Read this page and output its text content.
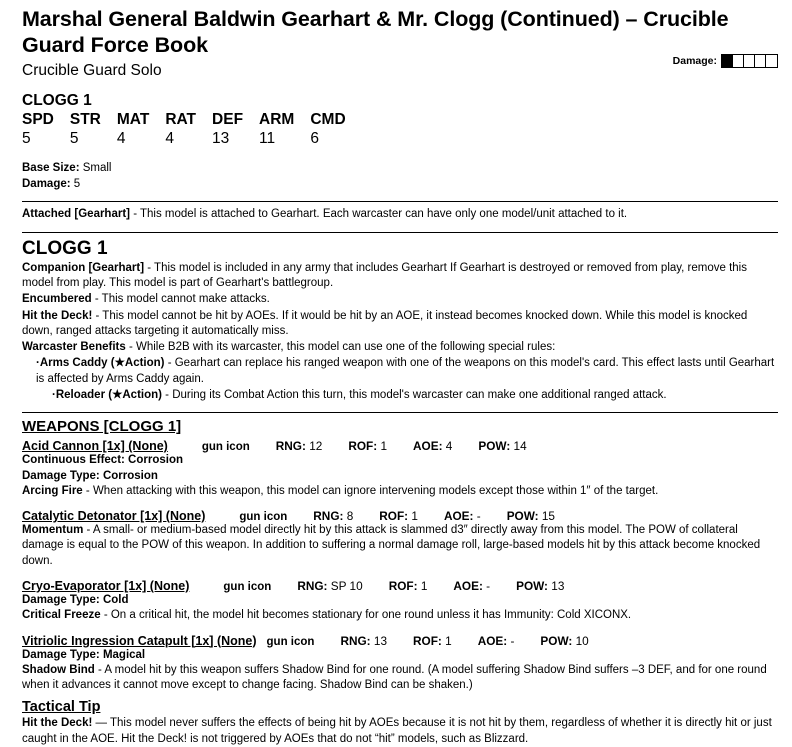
Marshal General Baldwin Gearhart & Mr. Clogg (Continued) – Crucible Guard Force Book
Crucible Guard Solo
Damage:
CLOGG 1
SPD	STR	MAT	RAT	DEF	ARM	CMD
5	5	4	4	13	11	6
Base Size: Small
Damage: 5

Attached [Gearhart] - This model is attached to Gearhart. Each warcaster can have only one model/unit attached to it.

CLOGG 1

Companion [Gearhart] - This model is included in any army that includes Gearhart If Gearhart is destroyed or removed from play, remove this model from play. This model is part of Gearhart's battlegroup.

Encumbered - This model cannot make attacks.

Hit the Deck! - This model cannot be hit by AOEs. If it would be hit by an AOE, it instead becomes knocked down. While this model is knocked down, ranged attacks targeting it automatically miss.

Warcaster Benefits - While B2B with its warcaster, this model can use one of the following special rules:

·Arms Caddy (★Action) - Gearhart can replace his ranged weapon with one of the weapons on this model's card. This effect lasts until Gearhart is affected by Arms Caddy again.

·Reloader (★Action) - During its Combat Action this turn, this model's warcaster can make one additional ranged attack.

WEAPONS [CLOGG 1]
Acid Cannon [1x] (None)	gun icon RNG: 12 ROF: 1 AOE: 4 POW: 14

Continuous Effect: Corrosion

Damage Type: Corrosion

Arcing Fire - When attacking with this weapon, this model can ignore intervening models except those within 1″ of the target.

Catalytic Detonator [1x] (None)	gun icon RNG: 8 ROF: 1 AOE: - POW: 15

Momentum - A small- or medium-based model directly hit by this attack is slammed d3″ directly away from this model. The POW of collateral damage is equal to the POW of this weapon. In addition to suffering a normal damage roll, large-based models hit by this attack become knocked down.

Cryo-Evaporator [1x] (None)	gun icon RNG: SP 10 ROF: 1 AOE: - POW: 13

Damage Type: Cold

Critical Freeze - On a critical hit, the model hit becomes stationary for one round unless it has Immunity: Cold XICONX.

Vitriolic Ingression Catapult [1x] (None) gun icon RNG: 13 ROF: 1 AOE: - POW: 10

Damage Type: Magical

Shadow Bind - A model hit by this weapon suffers Shadow Bind for one round. (A model suffering Shadow Bind suffers –3 DEF, and for one round when it advances it cannot move except to change facing. Shadow Bind can be shaken.)

Tactical Tip

Hit the Deck! — This model never suffers the effects of being hit by AOEs because it is not hit by them, regardless of whether it is directly hit or just caught in the AOE. Hit the Deck! is not triggered by AOEs that do not “hit” models, such as Blizzard.
